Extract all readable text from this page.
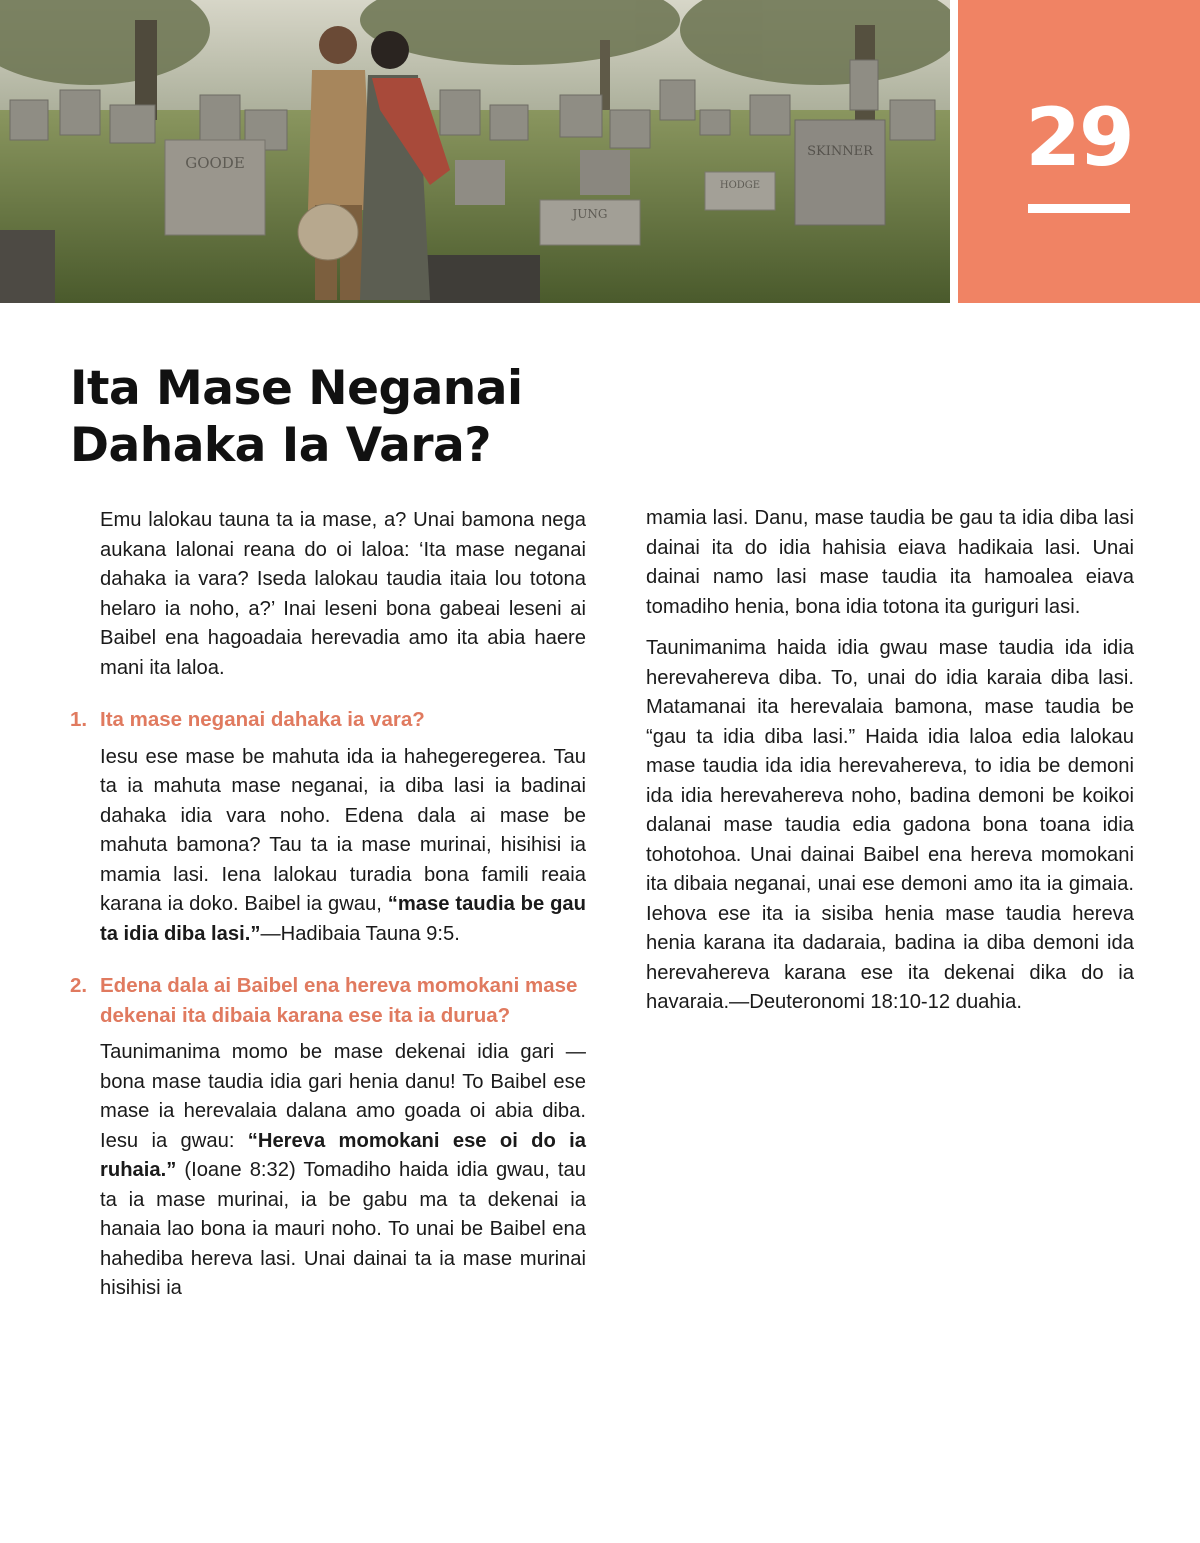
GOODE
SKINNER
HODGE
JUNG
29
Ita Mase Neganai
Dahaka Ia Vara?

Emu lalokau tauna ta ia mase, a? Unai bamona nega aukana lalonai reana do oi laloa: ‘Ita mase neganai dahaka ia vara? Iseda lalokau taudia itaia lou totona helaro ia noho, a?’ Inai leseni bona gabeai leseni ai Baibel ena hagoadaia herevadia amo ita abia haere mani ita laloa.

1. Ita mase neganai dahaka ia vara?

Iesu ese mase be mahuta ida ia hahegeregerea. Tau ta ia mahuta mase neganai, ia diba lasi ia badinai dahaka idia vara noho. Edena dala ai mase be mahuta bamona? Tau ta ia mase murinai, hisihisi ia mamia lasi. Iena lalokau turadia bona famili reaia karana ia doko. Baibel ia gwau, “mase taudia be gau ta idia diba lasi.”—Hadibaia Tauna 9:5.

2. Edena dala ai Baibel ena hereva momokani mase dekenai ita dibaia karana ese ita ia durua?

Taunimanima momo be mase dekenai idia gari —bona mase taudia idia gari henia danu! To Baibel ese mase ia herevalaia dalana amo goada oi abia diba. Iesu ia gwau: “Hereva momokani ese oi do ia ruhaia.” (Ioane 8:32) Tomadiho haida idia gwau, tau ta ia mase murinai, ia be gabu ma ta dekenai ia hanaia lao bona ia mauri noho. To unai be Baibel ena hahediba hereva lasi. Unai dainai ta ia mase murinai hisihisi ia

mamia lasi. Danu, mase taudia be gau ta idia diba lasi dainai ita do idia hahisia eiava hadikaia lasi. Unai dainai namo lasi mase taudia ita hamoalea eiava tomadiho henia, bona idia totona ita guriguri lasi.

Taunimanima haida idia gwau mase taudia ida idia herevahereva diba. To, unai do idia karaia diba lasi. Matamanai ita herevalaia bamona, mase taudia be “gau ta idia diba lasi.” Haida idia laloa edia lalokau mase taudia ida idia herevahereva, to idia be demoni ida idia herevahereva noho, badina demoni be koikoi dalanai mase taudia edia gadona bona toana idia tohotohoa. Unai dainai Baibel ena hereva momokani ita dibaia neganai, unai ese demoni amo ita ia gimaia. Iehova ese ita ia sisiba henia mase taudia hereva henia karana ita dadaraia, badina ia diba demoni ida herevahereva karana ese ita dekenai dika do ia havaraia.—Deuteronomi 18:10-12 duahia.
